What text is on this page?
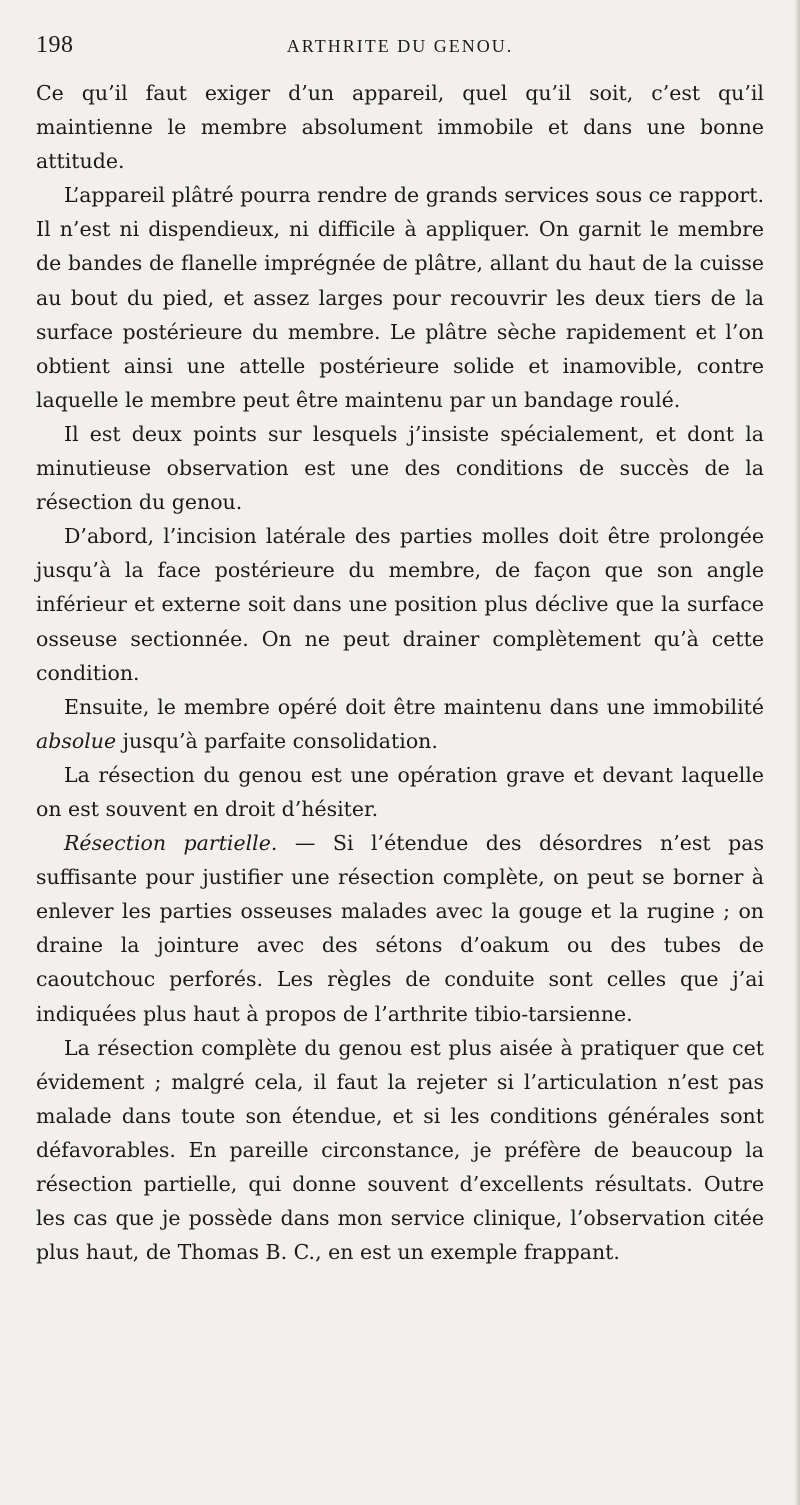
198	ARTHRITE DU GENOU.

Ce qu’il faut exiger d’un appareil, quel qu’il soit, c’est qu’il maintienne le membre absolument immobile et dans une bonne attitude.

L’appareil plâtré pourra rendre de grands services sous ce rapport. Il n’est ni dispendieux, ni difficile à appliquer. On garnit le membre de bandes de flanelle imprégnée de plâtre, allant du haut de la cuisse au bout du pied, et assez larges pour recouvrir les deux tiers de la surface postérieure du membre. Le plâtre sèche rapidement et l’on obtient ainsi une attelle postérieure solide et inamovible, contre laquelle le membre peut être maintenu par un bandage roulé.

Il est deux points sur lesquels j’insiste spécialement, et dont la minutieuse observation est une des conditions de succès de la résection du genou.

D’abord, l’incision latérale des parties molles doit être prolongée jusqu’à la face postérieure du membre, de façon que son angle inférieur et externe soit dans une position plus déclive que la surface osseuse sectionnée. On ne peut drainer complètement qu’à cette condition.

Ensuite, le membre opéré doit être maintenu dans une immobilité absolue jusqu’à parfaite consolidation.

La résection du genou est une opération grave et devant laquelle on est souvent en droit d’hésiter.

Résection partielle. — Si l’étendue des désordres n’est pas suffisante pour justifier une résection complète, on peut se borner à enlever les parties osseuses malades avec la gouge et la rugine ; on draine la jointure avec des sétons d’oakum ou des tubes de caoutchouc perforés. Les règles de conduite sont celles que j’ai indiquées plus haut à propos de l’arthrite tibio-tarsienne.

La résection complète du genou est plus aisée à pratiquer que cet évidement ; malgré cela, il faut la rejeter si l’articulation n’est pas malade dans toute son étendue, et si les conditions générales sont défavorables. En pareille circonstance, je préfère de beaucoup la résection partielle, qui donne souvent d’excellents résultats. Outre les cas que je possède dans mon service clinique, l’observation citée plus haut, de Thomas B. C., en est un exemple frappant.
